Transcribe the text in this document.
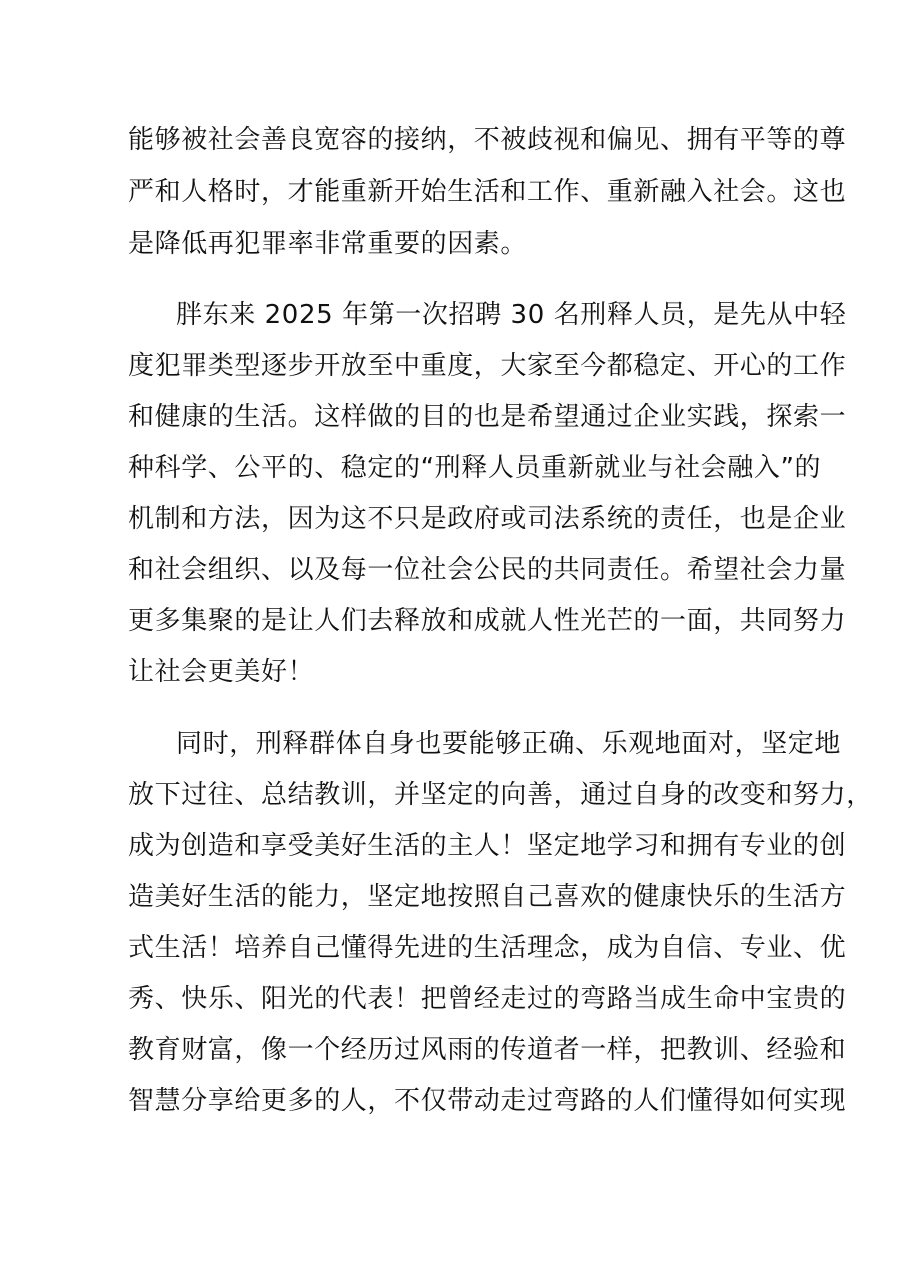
能够被社会善良宽容的接纳，不被歧视和偏见、拥有平等的尊
严和人格时，才能重新开始生活和工作、重新融入社会。这也
是降低再犯罪率非常重要的因素。
胖东来 2025 年第一次招聘 30 名刑释人员，是先从中轻
度犯罪类型逐步开放至中重度，大家至今都稳定、开心的工作
和健康的生活。这样做的目的也是希望通过企业实践，探索一
种科学、公平的、稳定的“刑释人员重新就业与社会融入”的
机制和方法，因为这不只是政府或司法系统的责任，也是企业
和社会组织、以及每一位社会公民的共同责任。希望社会力量
更多集聚的是让人们去释放和成就人性光芒的一面，共同努力
让社会更美好！
同时，刑释群体自身也要能够正确、乐观地面对，坚定地
放下过往、总结教训，并坚定的向善，通过自身的改变和努力，
成为创造和享受美好生活的主人！坚定地学习和拥有专业的创
造美好生活的能力，坚定地按照自己喜欢的健康快乐的生活方
式生活！培养自己懂得先进的生活理念，成为自信、专业、优
秀、快乐、阳光的代表！把曾经走过的弯路当成生命中宝贵的
教育财富，像一个经历过风雨的传道者一样，把教训、经验和
智慧分享给更多的人，不仅带动走过弯路的人们懂得如何实现
